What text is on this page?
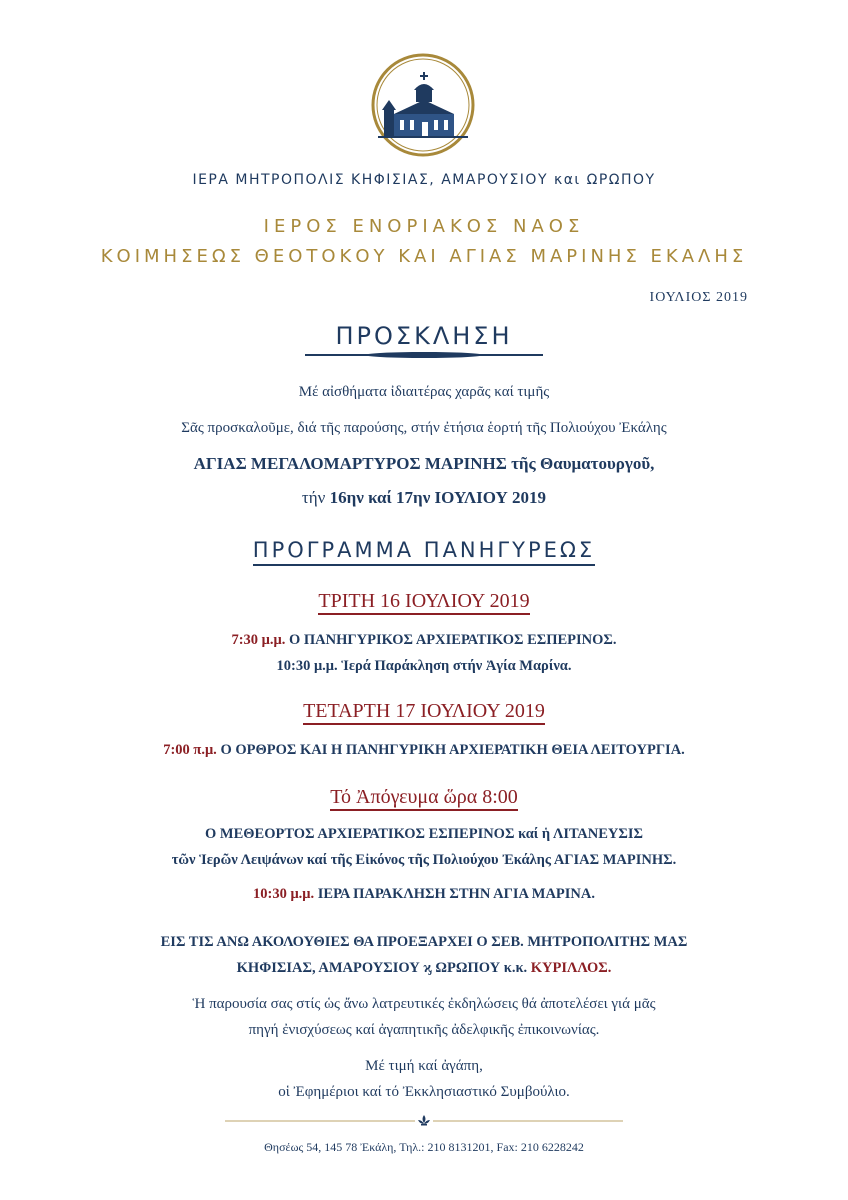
ΙΕΡΑ ΜΗΤΡΟΠΟΛΙΣ ΚΗΦΙΣΙΑΣ, ΑΜΑΡΟΥΣΙΟΥ και ΩΡΩΠΟΥ
ΙΕΡΟΣ ΕΝΟΡΙΑΚΟΣ ΝΑΟΣ
ΚΟΙΜΗΣΕΩΣ ΘΕΟΤΟΚΟΥ ΚΑΙ ΑΓΙΑΣ ΜΑΡΙΝΗΣ ΕΚΑΛΗΣ
ΙΟΥΛΙΟΣ 2019
ΠΡΟΣΚΛΗΣΗ
Μέ αἰσθήματα ἰδιαιτέρας χαρᾶς καί τιμῆς
Σᾶς προσκαλοῦμε, διά τῆς παρούσης, στήν ἐτήσια ἑορτή τῆς Πολιούχου Ἐκάλης
ΑΓΙΑΣ ΜΕΓΑΛΟΜΑΡΤΥΡΟΣ ΜΑΡΙΝΗΣ τῆς Θαυματουργοῦ,
τήν 16ην καί 17ην ΙΟΥΛΙΟΥ 2019
ΠΡΟΓΡΑΜΜΑ ΠΑΝΗΓΥΡΕΩΣ
ΤΡΙΤΗ 16 ΙΟΥΛΙΟΥ 2019
7:30 μ.μ. Ο ΠΑΝΗΓΥΡΙΚΟΣ ΑΡΧΙΕΡΑΤΙΚΟΣ ΕΣΠΕΡΙΝΟΣ.
10:30 μ.μ. Ἱερά Παράκληση στήν Ἁγία Μαρίνα.
ΤΕΤΑΡΤΗ 17 ΙΟΥΛΙΟΥ 2019
7:00 π.μ. Ο ΟΡΘΡΟΣ ΚΑΙ Η ΠΑΝΗΓΥΡΙΚΗ ΑΡΧΙΕΡΑΤΙΚΗ ΘΕΙΑ ΛΕΙΤΟΥΡΓΙΑ.
Τό Ἀπόγευμα ὥρα 8:00
Ο ΜΕΘΕΟΡΤΟΣ ΑΡΧΙΕΡΑΤΙΚΟΣ ΕΣΠΕΡΙΝΟΣ καί ἡ ΛΙΤΑΝΕΥΣΙΣ
τῶν Ἱερῶν Λειψάνων καί τῆς Εἰκόνος τῆς Πολιούχου Ἐκάλης ΑΓΙΑΣ ΜΑΡΙΝΗΣ.
10:30 μ.μ. ΙΕΡΑ ΠΑΡΑΚΛΗΣΗ ΣΤΗΝ ΑΓΙΑ ΜΑΡΙΝΑ.
ΕΙΣ ΤΙΣ ΑΝΩ ΑΚΟΛΟΥΘΙΕΣ ΘΑ ΠΡΟΕΞΑΡΧΕΙ Ο ΣΕΒ. ΜΗΤΡΟΠΟΛΙΤΗΣ ΜΑΣ
ΚΗΦΙΣΙΑΣ, ΑΜΑΡΟΥΣΙΟΥ ϗ ΩΡΩΠΟΥ κ.κ. ΚΥΡΙΛΛΟΣ.
Ἡ παρουσία σας στίς ὡς ἄνω λατρευτικές ἐκδηλώσεις θά ἀποτελέσει γιά μᾶς
πηγή ἐνισχύσεως καί ἀγαπητικῆς ἀδελφικῆς ἐπικοινωνίας.
Μέ τιμή καί ἀγάπη,
οἱ Ἐφημέριοι καί τό Ἐκκλησιαστικό Συμβούλιο.
Θησέως 54, 145 78 Ἐκάλη, Τηλ.: 210 8131201, Fax: 210 6228242
